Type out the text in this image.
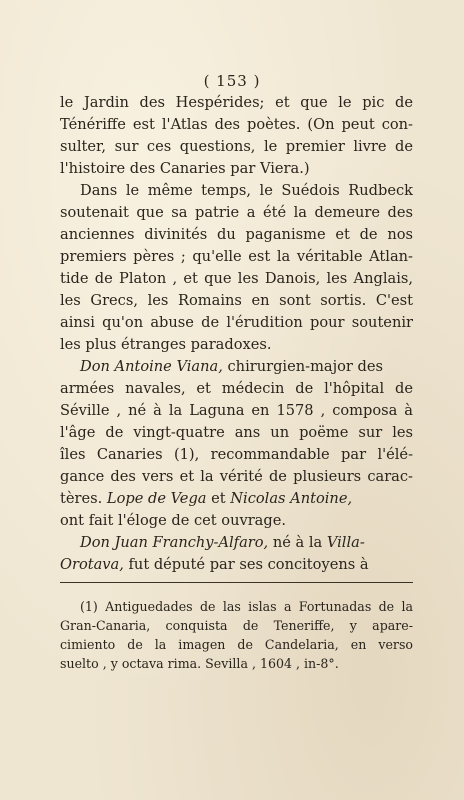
( 153 )
le Jardin des Hespérides; et que le pic de
Ténériffe est l'Atlas des poètes. (On peut con-
sulter, sur ces questions, le premier livre de
l'histoire des Canaries par Viera.)
Dans le même temps, le Suédois Rudbeck
soutenait que sa patrie a été la demeure des
anciennes divinités du paganisme et de nos
premiers pères ; qu'elle est la véritable Atlan-
tide de Platon , et que les Danois, les Anglais,
les Grecs, les Romains en sont sortis. C'est
ainsi qu'on abuse de l'érudition pour soutenir
les plus étranges paradoxes.
Don Antoine Viana, chirurgien-major des
armées navales, et médecin de l'hôpital de
Séville , né à la Laguna en 1578 , composa à
l'âge de vingt-quatre ans un poëme sur les
îles Canaries (1), recommandable par l'élé-
gance des vers et la vérité de plusieurs carac-
tères. Lope de Vega et Nicolas Antoine,
ont fait l'éloge de cet ouvrage.
Don Juan Franchy-Alfaro, né à la Villa-
Orotava, fut député par ses concitoyens à
(1) Antiguedades de las islas a Fortunadas de la
Gran-Canaria, conquista de Teneriffe, y apare-
cimiento de la imagen de Candelaria, en verso
suelto , y octava rima. Sevilla , 1604 , in-8°.
